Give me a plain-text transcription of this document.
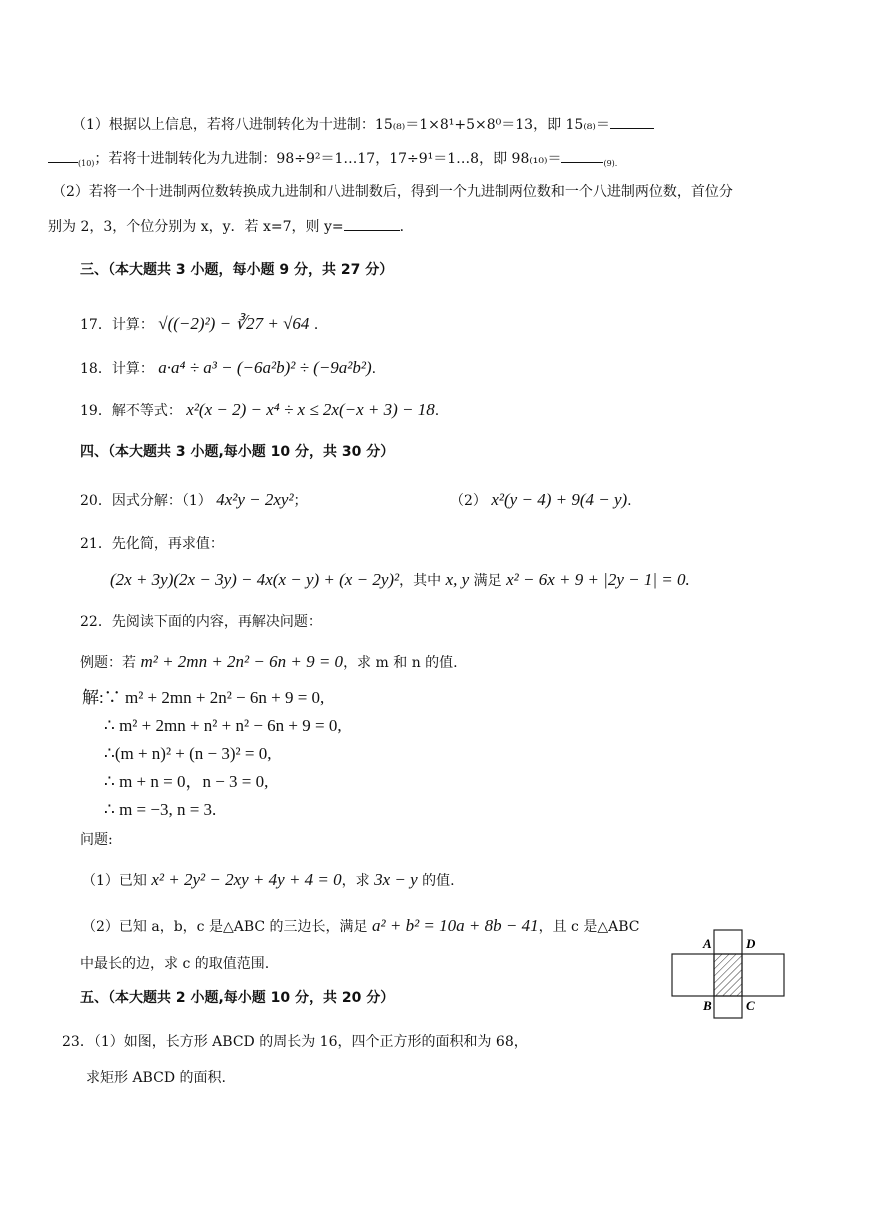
（1）根据以上信息，若将八进制转化为十进制：15₍₈₎＝1×8¹+5×8⁰＝13，即 15₍₈₎＝
$_{(10)}$；若将十进制转化为九进制：98÷9²＝1…17，17÷9¹＝1…8，即 98₍₁₀₎＝	$_{(9).}$
（2）若将一个十进制两位数转换成九进制和八进制数后，得到一个九进制两位数和一个八进制两位数，首位分
别为 2，3，个位分别为 x，y．若 x=7，则 y=	．
三、（本大题共 3 小题，每小题 9 分，共 27 分）
17．计算： √((−2)²) − ∛27 + √64 ．
18．计算： a·a⁴ ÷ a³ − (−6a²b)² ÷ (−9a²b²).
19．解不等式： x²(x − 2) − x⁴ ÷ x ≤ 2x(−x + 3) − 18.
四、（本大题共 3 小题,每小题 10 分，共 30 分）
20．因式分解：（1） 4x²y − 2xy²；	（2） x²(y − 4) + 9(4 − y).
21．先化简，再求值：
(2x + 3y)(2x − 3y) − 4x(x − y) + (x − 2y)²，其中 x, y 满足 x² − 6x + 9 + |2y − 1| = 0.
22．先阅读下面的内容，再解决问题：
例题：若 m² + 2mn + 2n² − 6n + 9 = 0，求 m 和 n 的值.
解:∵ m² + 2mn + 2n² − 6n + 9 = 0,
∴ m² + 2mn + n² + n² − 6n + 9 = 0,
∴(m + n)² + (n − 3)² = 0,
∴ m + n = 0，n − 3 = 0,
∴ m = −3, n = 3.
问题:
（1）已知 x² + 2y² − 2xy + 4y + 4 = 0，求 3x − y 的值.
（2）已知 a，b，c 是△ABC 的三边长，满足 a² + b² = 10a + 8b − 41，且 c 是△ABC
中最长的边，求 c 的取值范围.
五、（本大题共 2 小题,每小题 10 分，共 20 分）
23．（1）如图，长方形 ABCD 的周长为 16，四个正方形的面积和为 68，
求矩形 ABCD 的面积.
A	D
B	C
